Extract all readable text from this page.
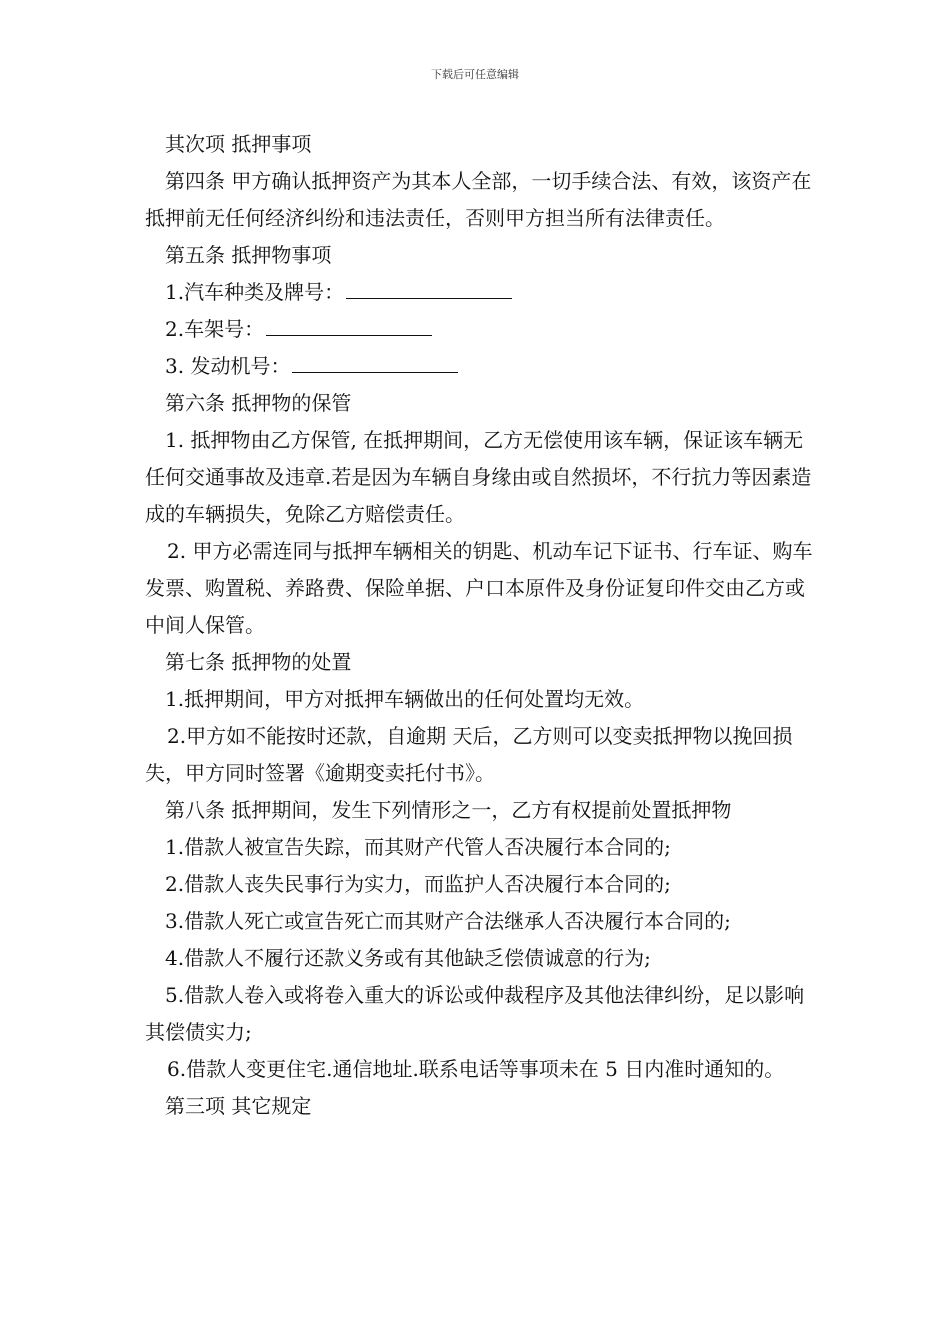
下载后可任意编辑

其次项 抵押事项

第四条 甲方确认抵押资产为其本人全部，一切手续合法、有效，该资产在抵押前无任何经济纠纷和违法责任，否则甲方担当所有法律责任。

第五条 抵押物事项

1.汽车种类及牌号：

2.车架号：

3. 发动机号：

第六条 抵押物的保管

1. 抵押物由乙方保管, 在抵押期间，乙方无偿使用该车辆，保证该车辆无任何交通事故及违章.若是因为车辆自身缘由或自然损坏，不行抗力等因素造成的车辆损失，免除乙方赔偿责任。

2. 甲方必需连同与抵押车辆相关的钥匙、机动车记下证书、行车证、购车发票、购置税、养路费、保险单据、户口本原件及身份证复印件交由乙方或中间人保管。

第七条 抵押物的处置

1.抵押期间，甲方对抵押车辆做出的任何处置均无效。

2.甲方如不能按时还款，自逾期 天后，乙方则可以变卖抵押物以挽回损失，甲方同时签署《逾期变卖托付书》。

第八条 抵押期间，发生下列情形之一，乙方有权提前处置抵押物

1.借款人被宣告失踪，而其财产代管人否决履行本合同的;

2.借款人丧失民事行为实力，而监护人否决履行本合同的;

3.借款人死亡或宣告死亡而其财产合法继承人否决履行本合同的;

4.借款人不履行还款义务或有其他缺乏偿债诚意的行为;

5.借款人卷入或将卷入重大的诉讼或仲裁程序及其他法律纠纷，足以影响其偿债实力;

6.借款人变更住宅.通信地址.联系电话等事项未在 5 日内准时通知的。

第三项 其它规定
